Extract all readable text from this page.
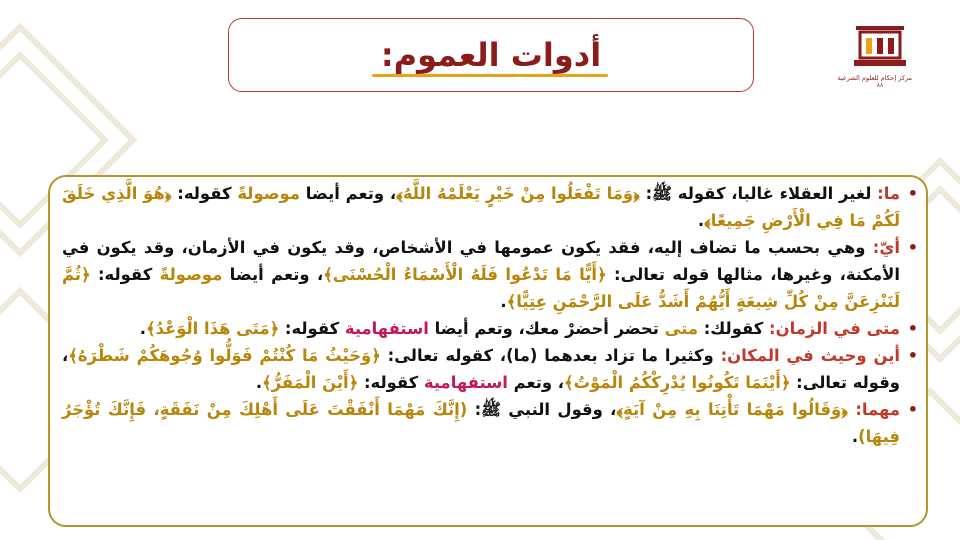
أدوات العموم:
مركز إحكام للعلوم الشرعية
٨٨

•
ما: لغير العقلاء غالبا، كقوله ﷺ: ﴿وَمَا تَفْعَلُوا مِنْ خَيْرٍ يَعْلَمْهُ اللَّهُ﴾، وتعم أيضا موصولةً كقوله: ﴿هُوَ الَّذِي خَلَقَ لَكُمْ مَا فِي الْأَرْضِ جَمِيعًا﴾.

•
أيّ: وهي بحسب ما تضاف إليه، فقد يكون عمومها في الأشخاص، وقد يكون في الأزمان، وقد يكون في الأمكنة، وغيرها، مثالها قوله تعالى: ﴿أَيًّا مَا تَدْعُوا فَلَهُ الْأَسْمَاءُ الْحُسْنَى﴾، وتعم أيضا موصولةً كقوله: ﴿ثُمَّ لَنَنْزِعَنَّ مِنْ كُلِّ شِيعَةٍ أَيُّهُمْ أَشَدُّ عَلَى الرَّحْمَنِ عِتِيًّا﴾.

•
متى في الزمان: كقولك: متى تحضر أحضرْ معك، وتعم أيضا استفهامية كقوله: ﴿مَتَى هَذَا الْوَعْدُ﴾.

•
أين وحيث في المكان: وكثيرا ما تزاد بعدهما (ما)، كقوله تعالى: ﴿وَحَيْثُ مَا كُنْتُمْ فَوَلُّوا وُجُوهَكُمْ شَطْرَهُ﴾، وقوله تعالى: ﴿أَيْنَمَا تَكُونُوا يُدْرِكْكُمُ الْمَوْتُ﴾، وتعم استفهامية كقوله: ﴿أَيْنَ الْمَفَرُّ﴾.

•
مهما: ﴿وَقَالُوا مَهْمَا تَأْتِنَا بِهِ مِنْ آيَةٍ﴾، وقول النبي ﷺ: (إِنَّكَ مَهْمَا أَنْفَقْتَ عَلَى أَهْلِكَ مِنْ نَفَقَةٍ، فَإِنَّكَ تُؤْجَرُ فِيهَا).
